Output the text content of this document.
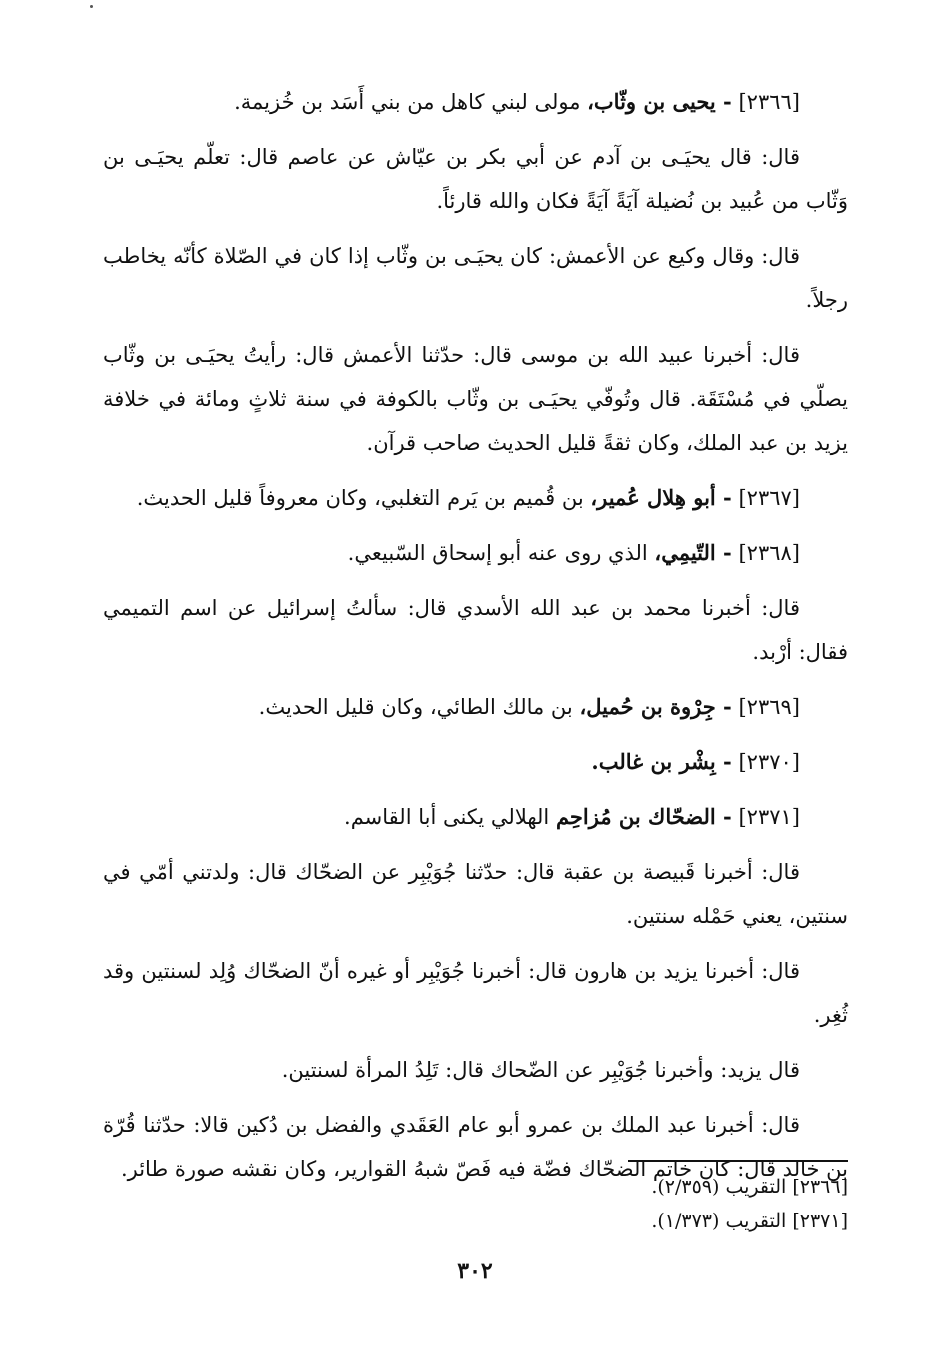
[٢٣٦٦] - يحيى بن وثّاب، مولى لبني كاهل من بني أَسَد بن خُزيمة.

قال: قال يحيَـى بن آدم عن أبي بكر بن عيّاش عن عاصم قال: تعلّم يحيَـى بن وَثّاب من عُبيد بن نُضيلة آيَةً آيَةً فكان والله قارئاً.

قال: وقال وكيع عن الأعمش: كان يحيَـى بن وثّاب إذا كان في الصّلاة كأنّه يخاطب رجلاً.

قال: أخبرنا عبيد الله بن موسى قال: حدّثنا الأعمش قال: رأيتُ يحيَـى بن وثّاب يصلّي في مُسْتَقَة. قال وتُوفّي يحيَـى بن وثّاب بالكوفة في سنة ثلاثٍ ومائة في خلافة يزيد بن عبد الملك، وكان ثقةً قليل الحديث صاحب قرآن.

[٢٣٦٧] - أبو هِلال عُمير، بن قُميم بن يَرم التغلبي، وكان معروفاً قليل الحديث.

[٢٣٦٨] - التّيمِي، الذي روى عنه أبو إسحاق السّبيعي.

قال: أخبرنا محمد بن عبد الله الأسدي قال: سألتُ إسرائيل عن اسم التميمي فقال: أرْبد.

[٢٣٦٩] - جِرْوة بن حُميل، بن مالك الطائي، وكان قليل الحديث.

[٢٣٧٠] - بِشْر بن غالب.

[٢٣٧١] - الضحّاك بن مُزاحِم الهلالي يكنى أبا القاسم.

قال: أخبرنا قَبيصة بن عقبة قال: حدّثنا جُوَيْبِر عن الضحّاك قال: ولدتني أمّي في سنتين، يعني حَمْله سنتين.

قال: أخبرنا يزيد بن هارون قال: أخبرنا جُوَيْبِر أو غيره أنّ الضحّاك وُلِد لسنتين وقد ثُغِر.

قال يزيد: وأخبرنا جُوَيْبِر عن الضّحاك قال: تَلِدُ المرأة لسنتين.

قال: أخبرنا عبد الملك بن عمرو أبو عام العَقَدي والفضل بن دُكين قالا: حدّثنا قُرّة بن خالد قال: كان خاتم الضحّاك فضّة فيه فَصّ شبهُ القوارير، وكان نقشه صورة طائر.

[٢٣٦٦] التقريب (٢/٣٥٩).

[٢٣٧١] التقريب (١/٣٧٣).

٣٠٢
